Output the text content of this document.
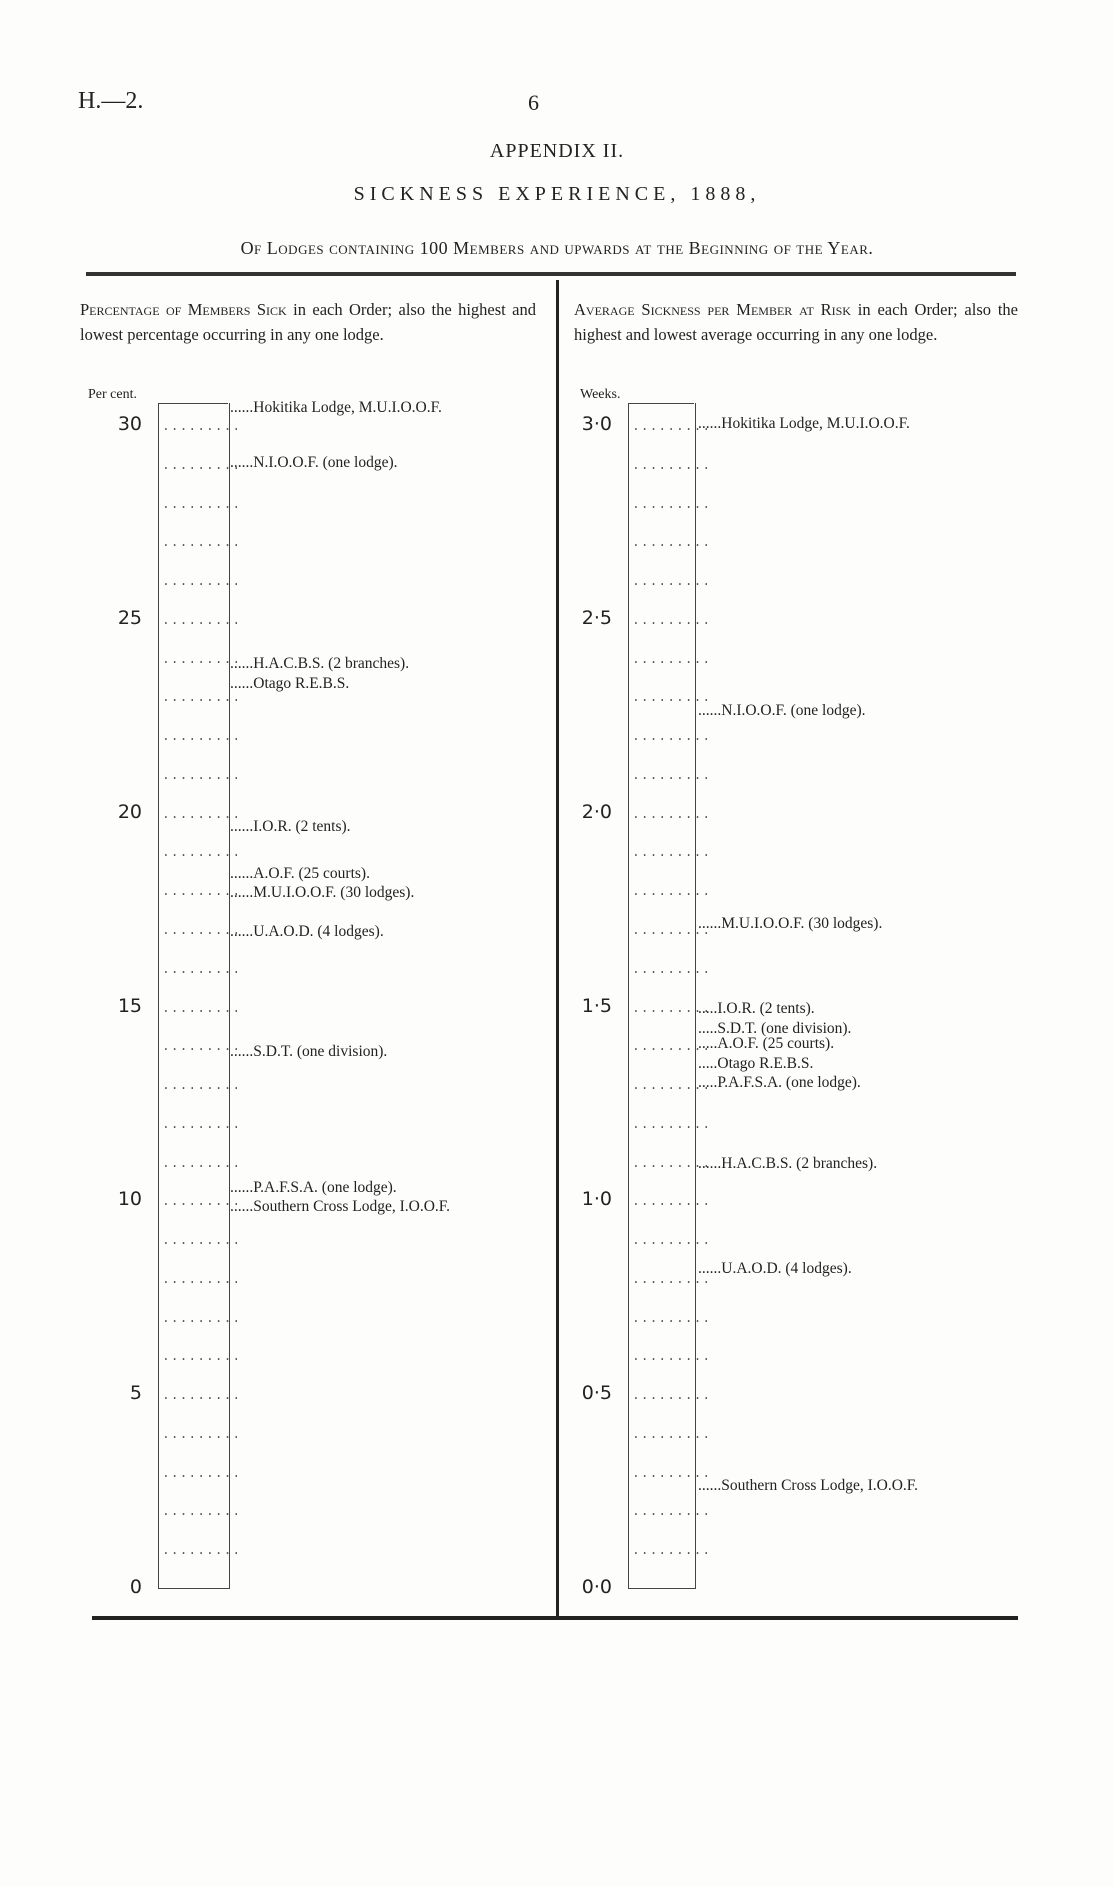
H.—2.	6
APPENDIX II.
SICKNESS EXPERIENCE, 1888,
Of Lodges containing 100 Members and upwards at the Beginning of the Year.
Percentage of Members Sick in each Order; also the highest and lowest percentage occurring in any one lodge.
Average Sickness per Member at Risk in each Order; also the highest and lowest average occurring in any one lodge.
Per cent.	Weeks.
.........
.........
.........
.........
.........
.........
.........
.........
.........
.........
.........
.........
.........
.........
.........
.........
.........
.........
.........
.........
.........
.........
.........
.........
.........
.........
.........
.........
.........
.........
30
25
20
15
10
5
0
......Hokitika Lodge, M.U.I.O.O.F.
......N.I.O.O.F. (one lodge).
......H.A.C.B.S. (2 branches).
......Otago R.E.B.S.
......I.O.R. (2 tents).
......A.O.F. (25 courts).
......M.U.I.O.O.F. (30 lodges).
......U.A.O.D. (4 lodges).
......S.D.T. (one division).
......P.A.F.S.A. (one lodge).
......Southern Cross Lodge, I.O.O.F.
.........
.........
.........
.........
.........
.........
.........
.........
.........
.........
.........
.........
.........
.........
.........
.........
.........
.........
.........
.........
.........
.........
.........
.........
.........
.........
.........
.........
.........
.........
3·0
2·5
2·0
1·5
1·0
0·5
0·0
......Hokitika Lodge, M.U.I.O.O.F.
......N.I.O.O.F. (one lodge).
......M.U.I.O.O.F. (30 lodges).
.....I.O.R. (2 tents).
.....S.D.T. (one division).
.....A.O.F. (25 courts).
.....Otago R.E.B.S.
.....P.A.F.S.A. (one lodge).
......H.A.C.B.S. (2 branches).
......U.A.O.D. (4 lodges).
......Southern Cross Lodge, I.O.O.F.
